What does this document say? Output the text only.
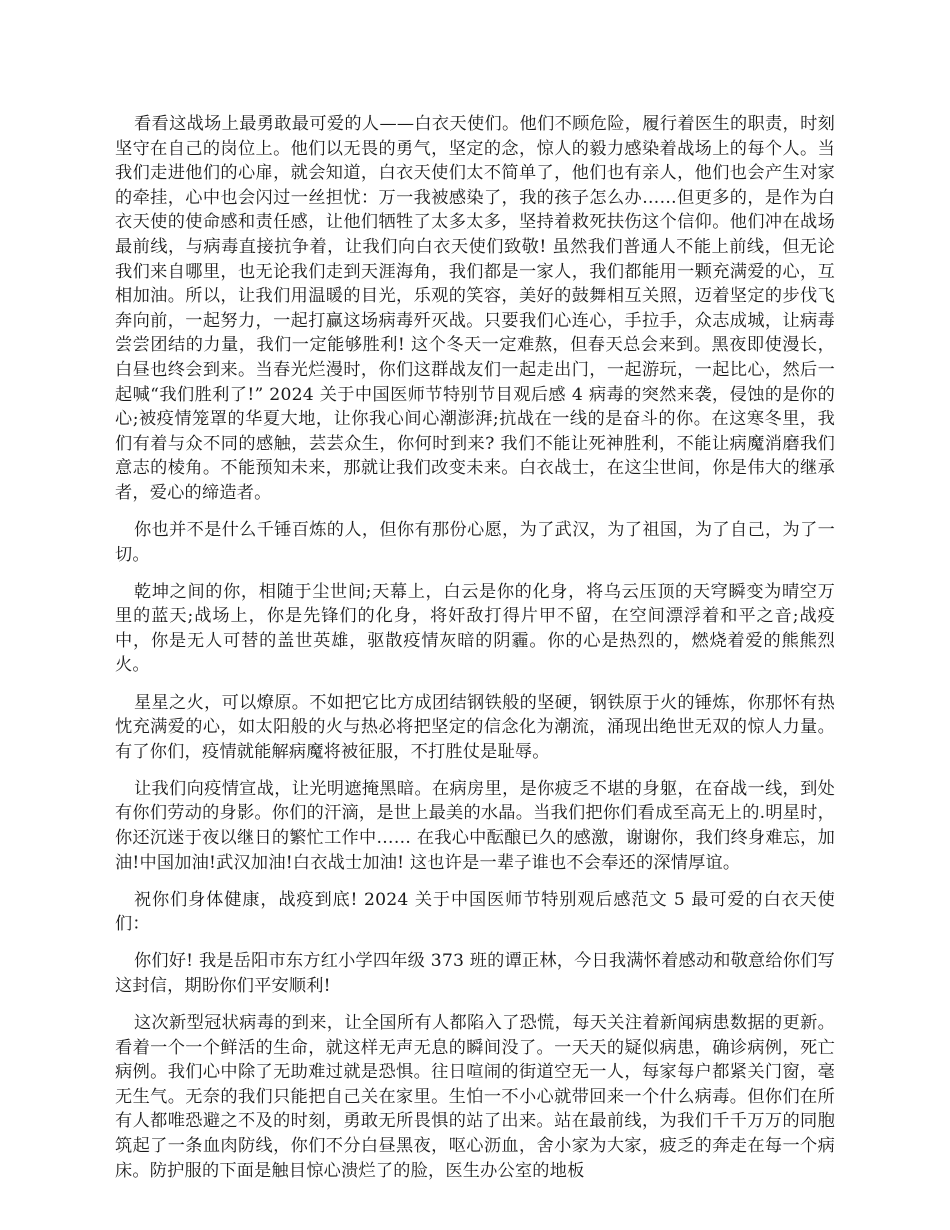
看看这战场上最勇敢最可爱的人——白衣天使们。他们不顾危险，履行着医生的职责，时刻坚守在自己的岗位上。他们以无畏的勇气，坚定的念，惊人的毅力感染着战场上的每个人。当我们走进他们的心扉，就会知道，白衣天使们太不简单了，他们也有亲人，他们也会产生对家的牵挂，心中也会闪过一丝担忧：万一我被感染了，我的孩子怎么办……但更多的，是作为白衣天使的使命感和责任感，让他们牺牲了太多太多，坚持着救死扶伤这个信仰。他们冲在战场最前线，与病毒直接抗争着，让我们向白衣天使们致敬! 虽然我们普通人不能上前线，但无论我们来自哪里，也无论我们走到天涯海角，我们都是一家人，我们都能用一颗充满爱的心，互相加油。所以，让我们用温暖的目光，乐观的笑容，美好的鼓舞相互关照，迈着坚定的步伐飞奔向前，一起努力，一起打赢这场病毒歼灭战。只要我们心连心，手拉手，众志成城，让病毒尝尝团结的力量，我们一定能够胜利! 这个冬天一定难熬，但春天总会来到。黑夜即使漫长，白昼也终会到来。当春光烂漫时，你们这群战友们一起走出门，一起游玩，一起比心，然后一起喊“我们胜利了!” 2024 关于中国医师节特别节目观后感 4 病毒的突然来袭，侵蚀的是你的心;被疫情笼罩的华夏大地，让你我心间心潮澎湃;抗战在一线的是奋斗的你。在这寒冬里，我们有着与众不同的感触，芸芸众生，你何时到来? 我们不能让死神胜利，不能让病魔消磨我们意志的棱角。不能预知未来，那就让我们改变未来。白衣战士，在这尘世间，你是伟大的继承者，爱心的缔造者。

你也并不是什么千锤百炼的人，但你有那份心愿，为了武汉，为了祖国，为了自己，为了一切。

乾坤之间的你，相随于尘世间;天幕上，白云是你的化身，将乌云压顶的天穹瞬变为晴空万里的蓝天;战场上，你是先锋们的化身，将奸敌打得片甲不留，在空间漂浮着和平之音;战疫中，你是无人可替的盖世英雄，驱散疫情灰暗的阴霾。你的心是热烈的，燃烧着爱的熊熊烈火。

星星之火，可以燎原。不如把它比方成团结钢铁般的坚硬，钢铁原于火的锤炼，你那怀有热忱充满爱的心，如太阳般的火与热必将把坚定的信念化为潮流，涌现出绝世无双的惊人力量。有了你们，疫情就能解病魔将被征服，不打胜仗是耻辱。

让我们向疫情宣战，让光明遮掩黑暗。在病房里，是你疲乏不堪的身躯，在奋战一线，到处有你们劳动的身影。你们的汗滴，是世上最美的水晶。当我们把你们看成至高无上的.明星时，你还沉迷于夜以继日的繁忙工作中…… 在我心中酝酿已久的感激，谢谢你，我们终身难忘，加油!中国加油!武汉加油!白衣战士加油! 这也许是一辈子谁也不会奉还的深情厚谊。

祝你们身体健康，战疫到底! 2024 关于中国医师节特别观后感范文 5 最可爱的白衣天使们：

你们好! 我是岳阳市东方红小学四年级 373 班的谭正林，今日我满怀着感动和敬意给你们写这封信，期盼你们平安顺利!

这次新型冠状病毒的到来，让全国所有人都陷入了恐慌，每天关注着新闻病患数据的更新。看着一个一个鲜活的生命，就这样无声无息的瞬间没了。一天天的疑似病患，确诊病例，死亡病例。我们心中除了无助难过就是恐惧。往日喧闹的街道空无一人，每家每户都紧关门窗，毫无生气。无奈的我们只能把自己关在家里。生怕一不小心就带回来一个什么病毒。但你们在所有人都唯恐避之不及的时刻，勇敢无所畏惧的站了出来。站在最前线，为我们千千万万的同胞筑起了一条血肉防线，你们不分白昼黑夜，呕心沥血，舍小家为大家，疲乏的奔走在每一个病床。防护服的下面是触目惊心溃烂了的脸，医生办公室的地板
